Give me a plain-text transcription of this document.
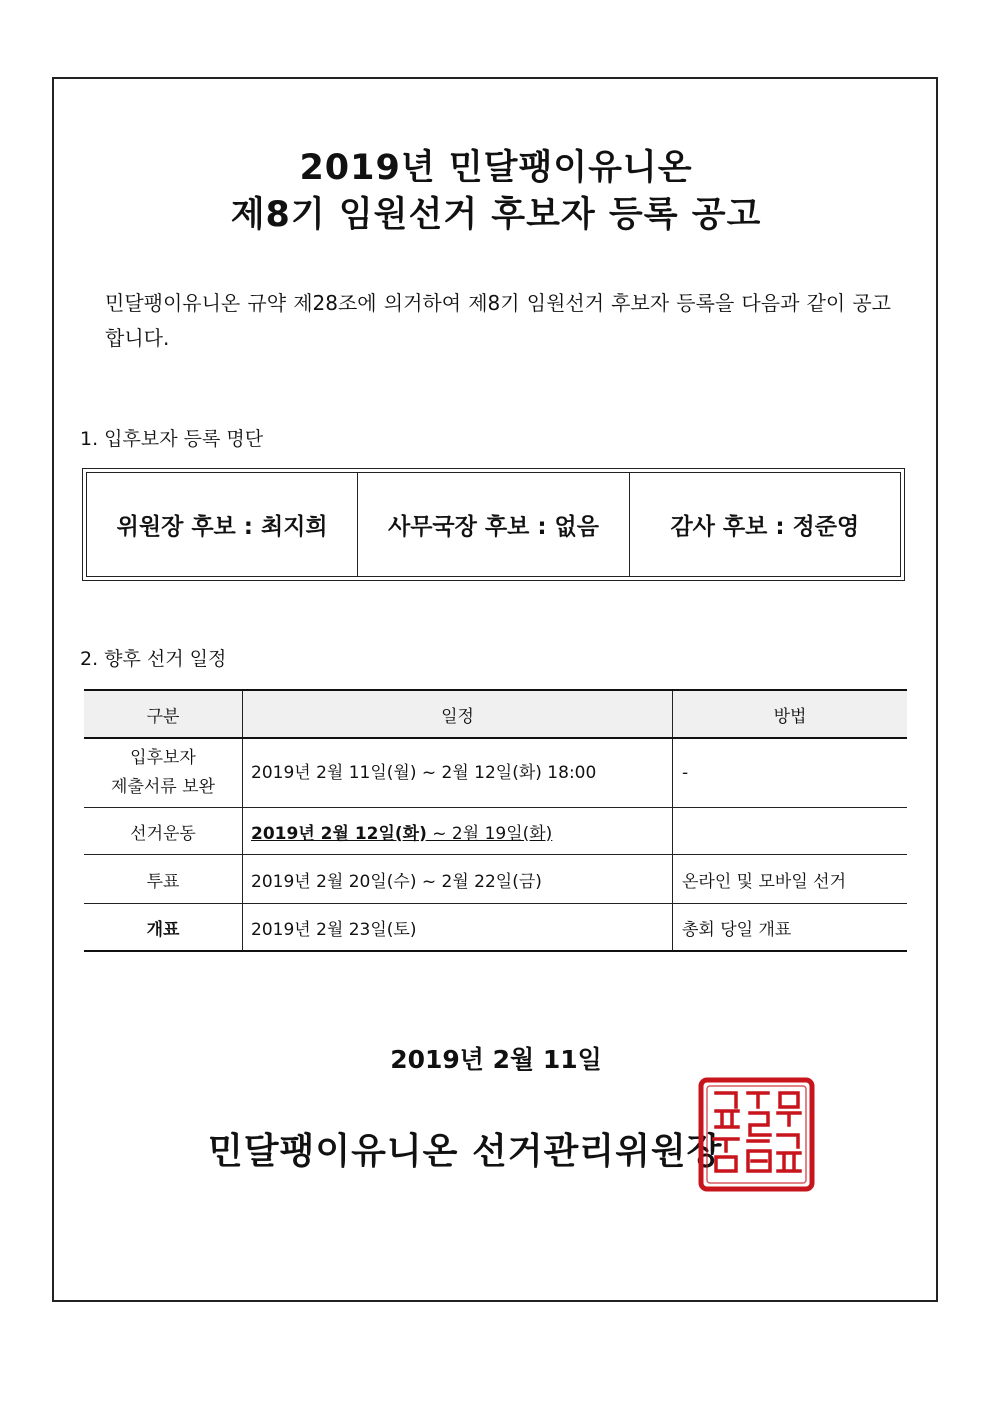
2019년 민달팽이유니온
제8기 임원선거 후보자 등록 공고
민달팽이유니온 규약 제28조에 의거하여 제8기 임원선거 후보자 등록을 다음과 같이 공고합니다.
1. 입후보자 등록 명단
위원장 후보 : 최지희	사무국장 후보 : 없음	감사 후보 : 정준영
2. 향후 선거 일정
구분	일정	방법

입후보자
제출서류 보완	2019년 2월 11일(월) ~ 2월 12일(화) 18:00	-
선거운동	2019년 2월 12일(화) ~ 2월 19일(화)	
투표	2019년 2월 20일(수) ~ 2월 22일(금)	온라인 및 모바일 선거
개표	2019년 2월 23일(토)	총회 당일 개표
2019년 2월 11일
민달팽이유니온 선거관리위원장
